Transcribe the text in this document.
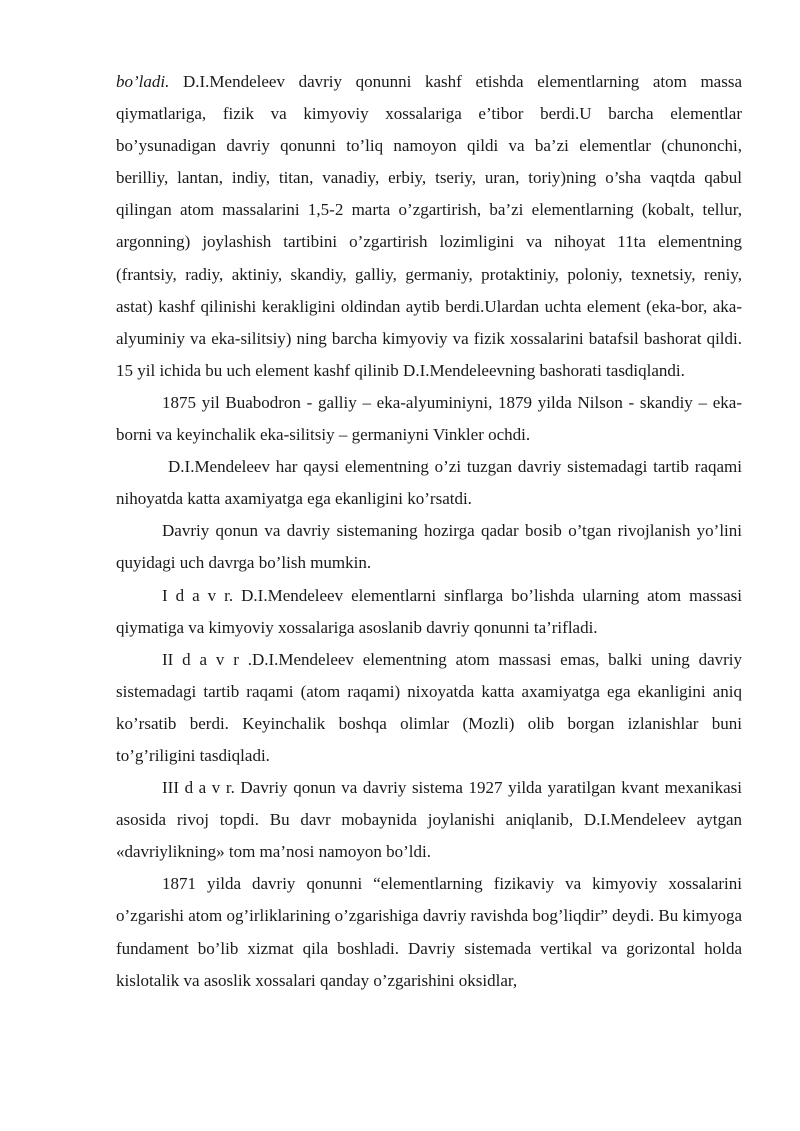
bo’ladi. D.I.Mendeleev davriy qonunni kashf etishda elementlarning atom massa qiymatlariga, fizik va kimyoviy xossalariga e’tibor berdi.U barcha elementlar bo’ysunadigan davriy qonunni to’liq namoyon qildi va ba’zi elementlar (chunonchi, berilliy, lantan, indiy, titan, vanadiy, erbiy, tseriy, uran, toriy)ning o’sha vaqtda qabul qilingan atom massalarini 1,5-2 marta o’zgartirish, ba’zi elementlarning (kobalt, tellur, argonning) joylashish tartibini o’zgartirish lozimligini va nihoyat 11ta elementning (frantsiy, radiy, aktiniy, skandiy, galliy, germaniy, protaktiniy, poloniy, texnetsiy, reniy, astat) kashf qilinishi kerakligini oldindan aytib berdi.Ulardan uchta element (eka-bor, aka-alyuminiy va eka-silitsiy) ning barcha kimyoviy va fizik xossalarini batafsil bashorat qildi. 15 yil ichida bu uch element kashf qilinib D.I.Mendeleevning bashorati tasdiqlandi.

1875 yil Buabodron - galliy – eka-alyuminiyni, 1879 yilda Nilson - skandiy – eka-borni va keyinchalik eka-silitsiy – germaniyni Vinkler ochdi.

D.I.Mendeleev har qaysi elementning o’zi tuzgan davriy sistemadagi tartib raqami nihoyatda katta axamiyatga ega ekanligini ko’rsatdi.

Davriy qonun va davriy sistemaning hozirga qadar bosib o’tgan rivojlanish yo’lini quyidagi uch davrga bo’lish mumkin.

I d a v r. D.I.Mendeleev elementlarni sinflarga bo’lishda ularning atom massasi qiymatiga va kimyoviy xossalariga asoslanib davriy qonunni ta’rifladi.

II d a v r .D.I.Mendeleev elementning atom massasi emas, balki uning davriy sistemadagi tartib raqami (atom raqami) nixoyatda katta axamiyatga ega ekanligini aniq ko’rsatib berdi. Keyinchalik boshqa olimlar (Mozli) olib borgan izlanishlar buni to’g’riligini tasdiqladi.

III d a v r. Davriy qonun va davriy sistema 1927 yilda yaratilgan kvant mexanikasi asosida rivoj topdi. Bu davr mobaynida joylanishi aniqlanib, D.I.Mendeleev aytgan «davriylikning» tom ma’nosi namoyon bo’ldi.

1871 yilda davriy qonunni “elementlarning fizikaviy va kimyoviy xossalarini o’zgarishi atom og’irliklarining o’zgarishiga davriy ravishda bog’liqdir” deydi. Bu kimyoga fundament bo’lib xizmat qila boshladi. Davriy sistemada vertikal va gorizontal holda kislotalik va asoslik xossalari qanday o’zgarishini oksidlar,
